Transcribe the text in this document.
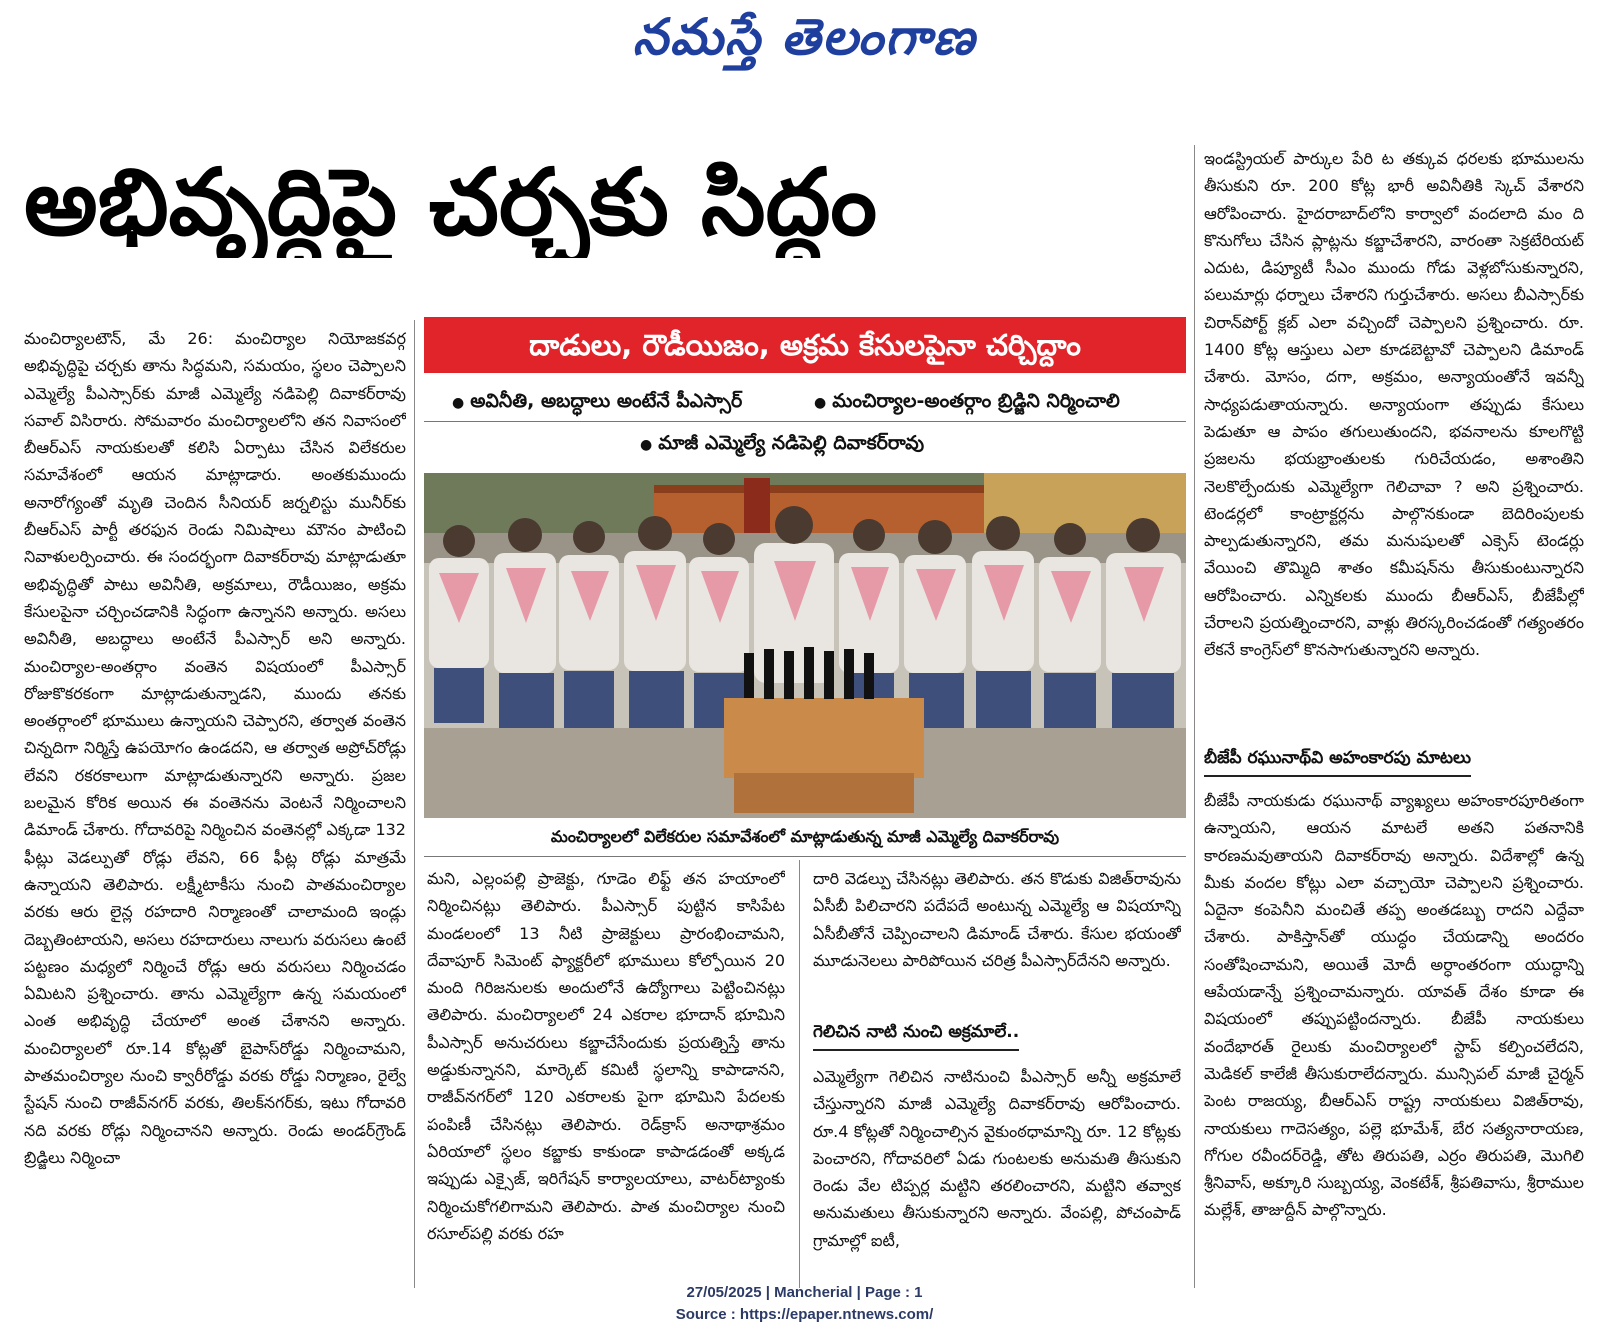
నమస్తే తెలంగాణ
అభివృద్ధిపై చర్చకు సిద్ధం

మంచిర్యాలటౌన్, మే 26: మంచిర్యాల నియోజకవర్గ అభివృద్ధిపై చర్చకు తాను సిద్ధమని, సమయం, స్థలం చెప్పాలని ఎమ్మెల్యే పీఎస్సార్‌కు మాజీ ఎమ్మెల్యే నడిపెల్లి దివాకర్‌రావు సవాల్ విసిరారు. సోమవారం మంచిర్యాలలోని తన నివాసంలో బీఆర్‌ఎస్ నాయకులతో కలిసి ఏర్పాటు చేసిన విలేకరుల సమావేశంలో ఆయన మాట్లాడారు. అంతకుముందు అనారోగ్యంతో మృతి చెందిన సీనియర్ జర్నలిస్టు మునీర్‌కు బీఆర్‌ఎస్ పార్టీ తరఫున రెండు నిమిషాలు మౌనం పాటించి నివాళులర్పించారు. ఈ సందర్భంగా దివాకర్‌రావు మాట్లాడుతూ అభివృద్ధితో పాటు అవినీతి, అక్రమాలు, రౌడీయిజం, అక్రమ కేసులపైనా చర్చించడానికి సిద్ధంగా ఉన్నానని అన్నారు. అసలు అవినీతి, అబద్ధాలు అంటేనే పీఎస్సార్ అని అన్నారు. మంచిర్యాల-అంతర్గాం వంతెన విషయంలో పీఎస్సార్ రోజుకొకరకంగా మాట్లాడుతున్నాడని, ముందు తనకు అంతర్గాంలో భూములు ఉన్నాయని చెప్పారని, తర్వాత వంతెన చిన్నదిగా నిర్మిస్తే ఉపయోగం ఉండదని, ఆ తర్వాత అప్రోచ్‌రోడ్లు లేవని రకరకాలుగా మాట్లాడుతున్నారని అన్నారు. ప్రజల బలమైన కోరిక అయిన ఈ వంతెనను వెంటనే నిర్మించాలని డిమాండ్ చేశారు. గోదావరిపై నిర్మించిన వంతెనల్లో ఎక్కడా 132 ఫీట్లు వెడల్పుతో రోడ్లు లేవని, 66 ఫీట్ల రోడ్లు మాత్రమే ఉన్నాయని తెలిపారు. లక్ష్మీటాకీసు నుంచి పాతమంచిర్యాల వరకు ఆరు లైన్ల రహదారి నిర్మాణంతో చాలామంది ఇండ్లు దెబ్బతింటాయని, అసలు రహదారులు నాలుగు వరుసలు ఉంటే పట్టణం మధ్యలో నిర్మించే రోడ్లు ఆరు వరుసలు నిర్మించడం ఏమిటని ప్రశ్నించారు. తాను ఎమ్మెల్యేగా ఉన్న సమయంలో ఎంత అభివృద్ధి చేయాలో అంత చేశానని అన్నారు. మంచిర్యాలలో రూ.14 కోట్లతో బైపాస్‌రోడ్డు నిర్మించామని, పాతమంచిర్యాల నుంచి క్వారీరోడ్డు వరకు రోడ్డు నిర్మాణం, రైల్వే స్టేషన్ నుంచి రాజీవ్‌నగర్ వరకు, తిలక్‌నగర్‌కు, ఇటు గోదావరి నది వరకు రోడ్లు నిర్మించానని అన్నారు. రెండు అండర్‌గ్రౌండ్ బ్రిడ్జిలు నిర్మించా

దాడులు, రౌడీయిజం, అక్రమ కేసులపైనా చర్చిద్దాం
● అవినీతి, అబద్ధాలు అంటేనే పీఎస్సార్	● మంచిర్యాల-అంతర్గాం బ్రిడ్జిని నిర్మించాలి
● మాజీ ఎమ్మెల్యే నడిపెల్లి దివాకర్‌రావు
మంచిర్యాలలో విలేకరుల సమావేశంలో మాట్లాడుతున్న మాజీ ఎమ్మెల్యే దివాకర్‌రావు

మని, ఎల్లంపల్లి ప్రాజెక్టు, గూడెం లిఫ్ట్ తన హయాంలో నిర్మించినట్లు తెలిపారు. పీఎస్సార్ పుట్టిన కాసిపేట మండలంలో 13 నీటి ప్రాజెక్టులు ప్రారంభించామని, దేవాపూర్ సిమెంట్ ఫ్యాక్టరీలో భూములు కోల్పోయిన 20 మంది గిరిజనులకు అందులోనే ఉద్యోగాలు పెట్టించినట్లు తెలిపారు. మంచిర్యాలలో 24 ఎకరాల భూదాన్ భూమిని పీఎస్సార్ అనుచరులు కబ్జాచేసేందుకు ప్రయత్నిస్తే తాను అడ్డుకున్నానని, మార్కెట్ కమిటీ స్థలాన్ని కాపాడానని, రాజీవ్‌నగర్‌లో 120 ఎకరాలకు పైగా భూమిని పేదలకు పంపిణీ చేసినట్లు తెలిపారు. రెడ్‌క్రాస్ అనాథాశ్రమం ఏరియాలో స్థలం కబ్జాకు కాకుండా కాపాడడంతో అక్కడ ఇప్పుడు ఎక్సైజ్, ఇరిగేషన్ కార్యాలయాలు, వాటర్‌ట్యాంకు నిర్మించుకోగలిగామని తెలిపారు. పాత మంచిర్యాల నుంచి రసూల్‌పల్లి వరకు రహ

దారి వెడల్పు చేసినట్లు తెలిపారు. తన కొడుకు విజిత్‌రావును ఏసీబీ పిలిచారని పదేపదే అంటున్న ఎమ్మెల్యే ఆ విషయాన్ని ఏసీబీతోనే చెప్పించాలని డిమాండ్ చేశారు. కేసుల భయంతో మూడునెలలు పారిపోయిన చరిత్ర పీఎస్సార్‌దేనని అన్నారు.

గెలిచిన నాటి నుంచి అక్రమాలే..

ఎమ్మెల్యేగా గెలిచిన నాటినుంచి పీఎస్సార్ అన్నీ అక్రమాలే చేస్తున్నారని మాజీ ఎమ్మెల్యే దివాకర్‌రావు ఆరోపించారు. రూ.4 కోట్లతో నిర్మించాల్సిన వైకుంఠధామాన్ని రూ. 12 కోట్లకు పెంచారని, గోదావరిలో ఏడు గుంటలకు అనుమతి తీసుకుని రెండు వేల టిప్పర్ల మట్టిని తరలించారని, మట్టిని తవ్వాక అనుమతులు తీసుకున్నారని అన్నారు. వేంపల్లి, పోచంపాడ్ గ్రామాల్లో ఐటీ,

ఇండస్ట్రియల్ పార్కుల పేరి ట తక్కువ ధరలకు భూములను తీసుకుని రూ. 200 కోట్ల భారీ అవినీతికి స్కెచ్ వేశారని ఆరోపించారు. హైదరాబాద్‌లోని కార్వాలో వందలాది మం ది కొనుగోలు చేసిన ప్లాట్లను కబ్జాచేశారని, వారంతా సెక్రటేరియట్ ఎదుట, డిప్యూటీ సీఎం ముందు గోడు వెళ్లబోసుకున్నారని, పలుమార్లు ధర్నాలు చేశారని గుర్తుచేశారు. అసలు బీఎస్సార్‌కు చిరాన్‌పోర్ట్ క్లబ్ ఎలా వచ్చిందో చెప్పాలని ప్రశ్నించారు. రూ. 1400 కోట్ల ఆస్తులు ఎలా కూడబెట్టావో చెప్పాలని డిమాండ్ చేశారు. మోసం, దగా, అక్రమం, అన్యాయంతోనే ఇవన్నీ సాధ్యపడుతాయన్నారు. అన్యాయంగా తప్పుడు కేసులు పెడుతూ ఆ పాపం తగులుతుందని, భవనాలను కూలగొట్టి ప్రజలను భయభ్రాంతులకు గురిచేయడం, అశాంతిని నెలకొల్పేందుకు ఎమ్మెల్యేగా గెలిచావా ? అని ప్రశ్నించారు. టెండర్లలో కాంట్రాక్టర్లను పాల్గొనకుండా బెదిరింపులకు పాల్పడుతున్నారని, తమ మనుషులతో ఎక్సెస్ టెండర్లు వేయించి తొమ్మిది శాతం కమీషన్‌ను తీసుకుంటున్నారని ఆరోపించారు. ఎన్నికలకు ముందు బీఆర్‌ఎస్, బీజేపీల్లో చేరాలని ప్రయత్నించారని, వాళ్లు తిరస్కరించడంతో గత్యంతరం లేకనే కాంగ్రెస్‌లో కొనసాగుతున్నారని అన్నారు.

బీజేపీ రఘునాథ్‌వి అహంకారపు మాటలు

బీజేపీ నాయకుడు రఘునాథ్ వ్యాఖ్యలు అహంకారపూరితంగా ఉన్నాయని, ఆయన మాటలే అతని పతనానికి కారణమవుతాయని దివాకర్‌రావు అన్నారు. విదేశాల్లో ఉన్న మీకు వందల కోట్లు ఎలా వచ్చాయో చెప్పాలని ప్రశ్నించారు. ఏదైనా కంపెనీని మంచితే తప్ప అంతడబ్బు రాదని ఎద్దేవా చేశారు. పాకిస్తాన్‌తో యుద్ధం చేయడాన్ని అందరం సంతోషించామని, అయితే మోదీ అర్ధాంతరంగా యుద్ధాన్ని ఆపేయడాన్నే ప్రశ్నించామన్నారు. యావత్ దేశం కూడా ఈ విషయంలో తప్పుపట్టిందన్నారు. బీజేపీ నాయకులు వందేభారత్ రైలుకు మంచిర్యాలలో స్టాప్ కల్పించలేదని, మెడికల్ కాలేజీ తీసుకురాలేదన్నారు. మున్సిపల్ మాజీ చైర్మన్ పెంట రాజయ్య, బీఆర్‌ఎస్ రాష్ట్ర నాయకులు విజిత్‌రావు, నాయకులు గాదెసత్యం, పల్లె భూమేశ్, బేర సత్యనారాయణ, గోగుల రవీందర్‌రెడ్డి, తోట తిరుపతి, ఎర్రం తిరుపతి, మొగిలి శ్రీనివాస్, అక్కూరి సుబ్బయ్య, వెంకటేశ్, శ్రీపతివాసు, శ్రీరాముల మల్లేశ్, తాజుద్దీన్ పాల్గొన్నారు.

27/05/2025 | Mancherial | Page : 1
Source : https://epaper.ntnews.com/
